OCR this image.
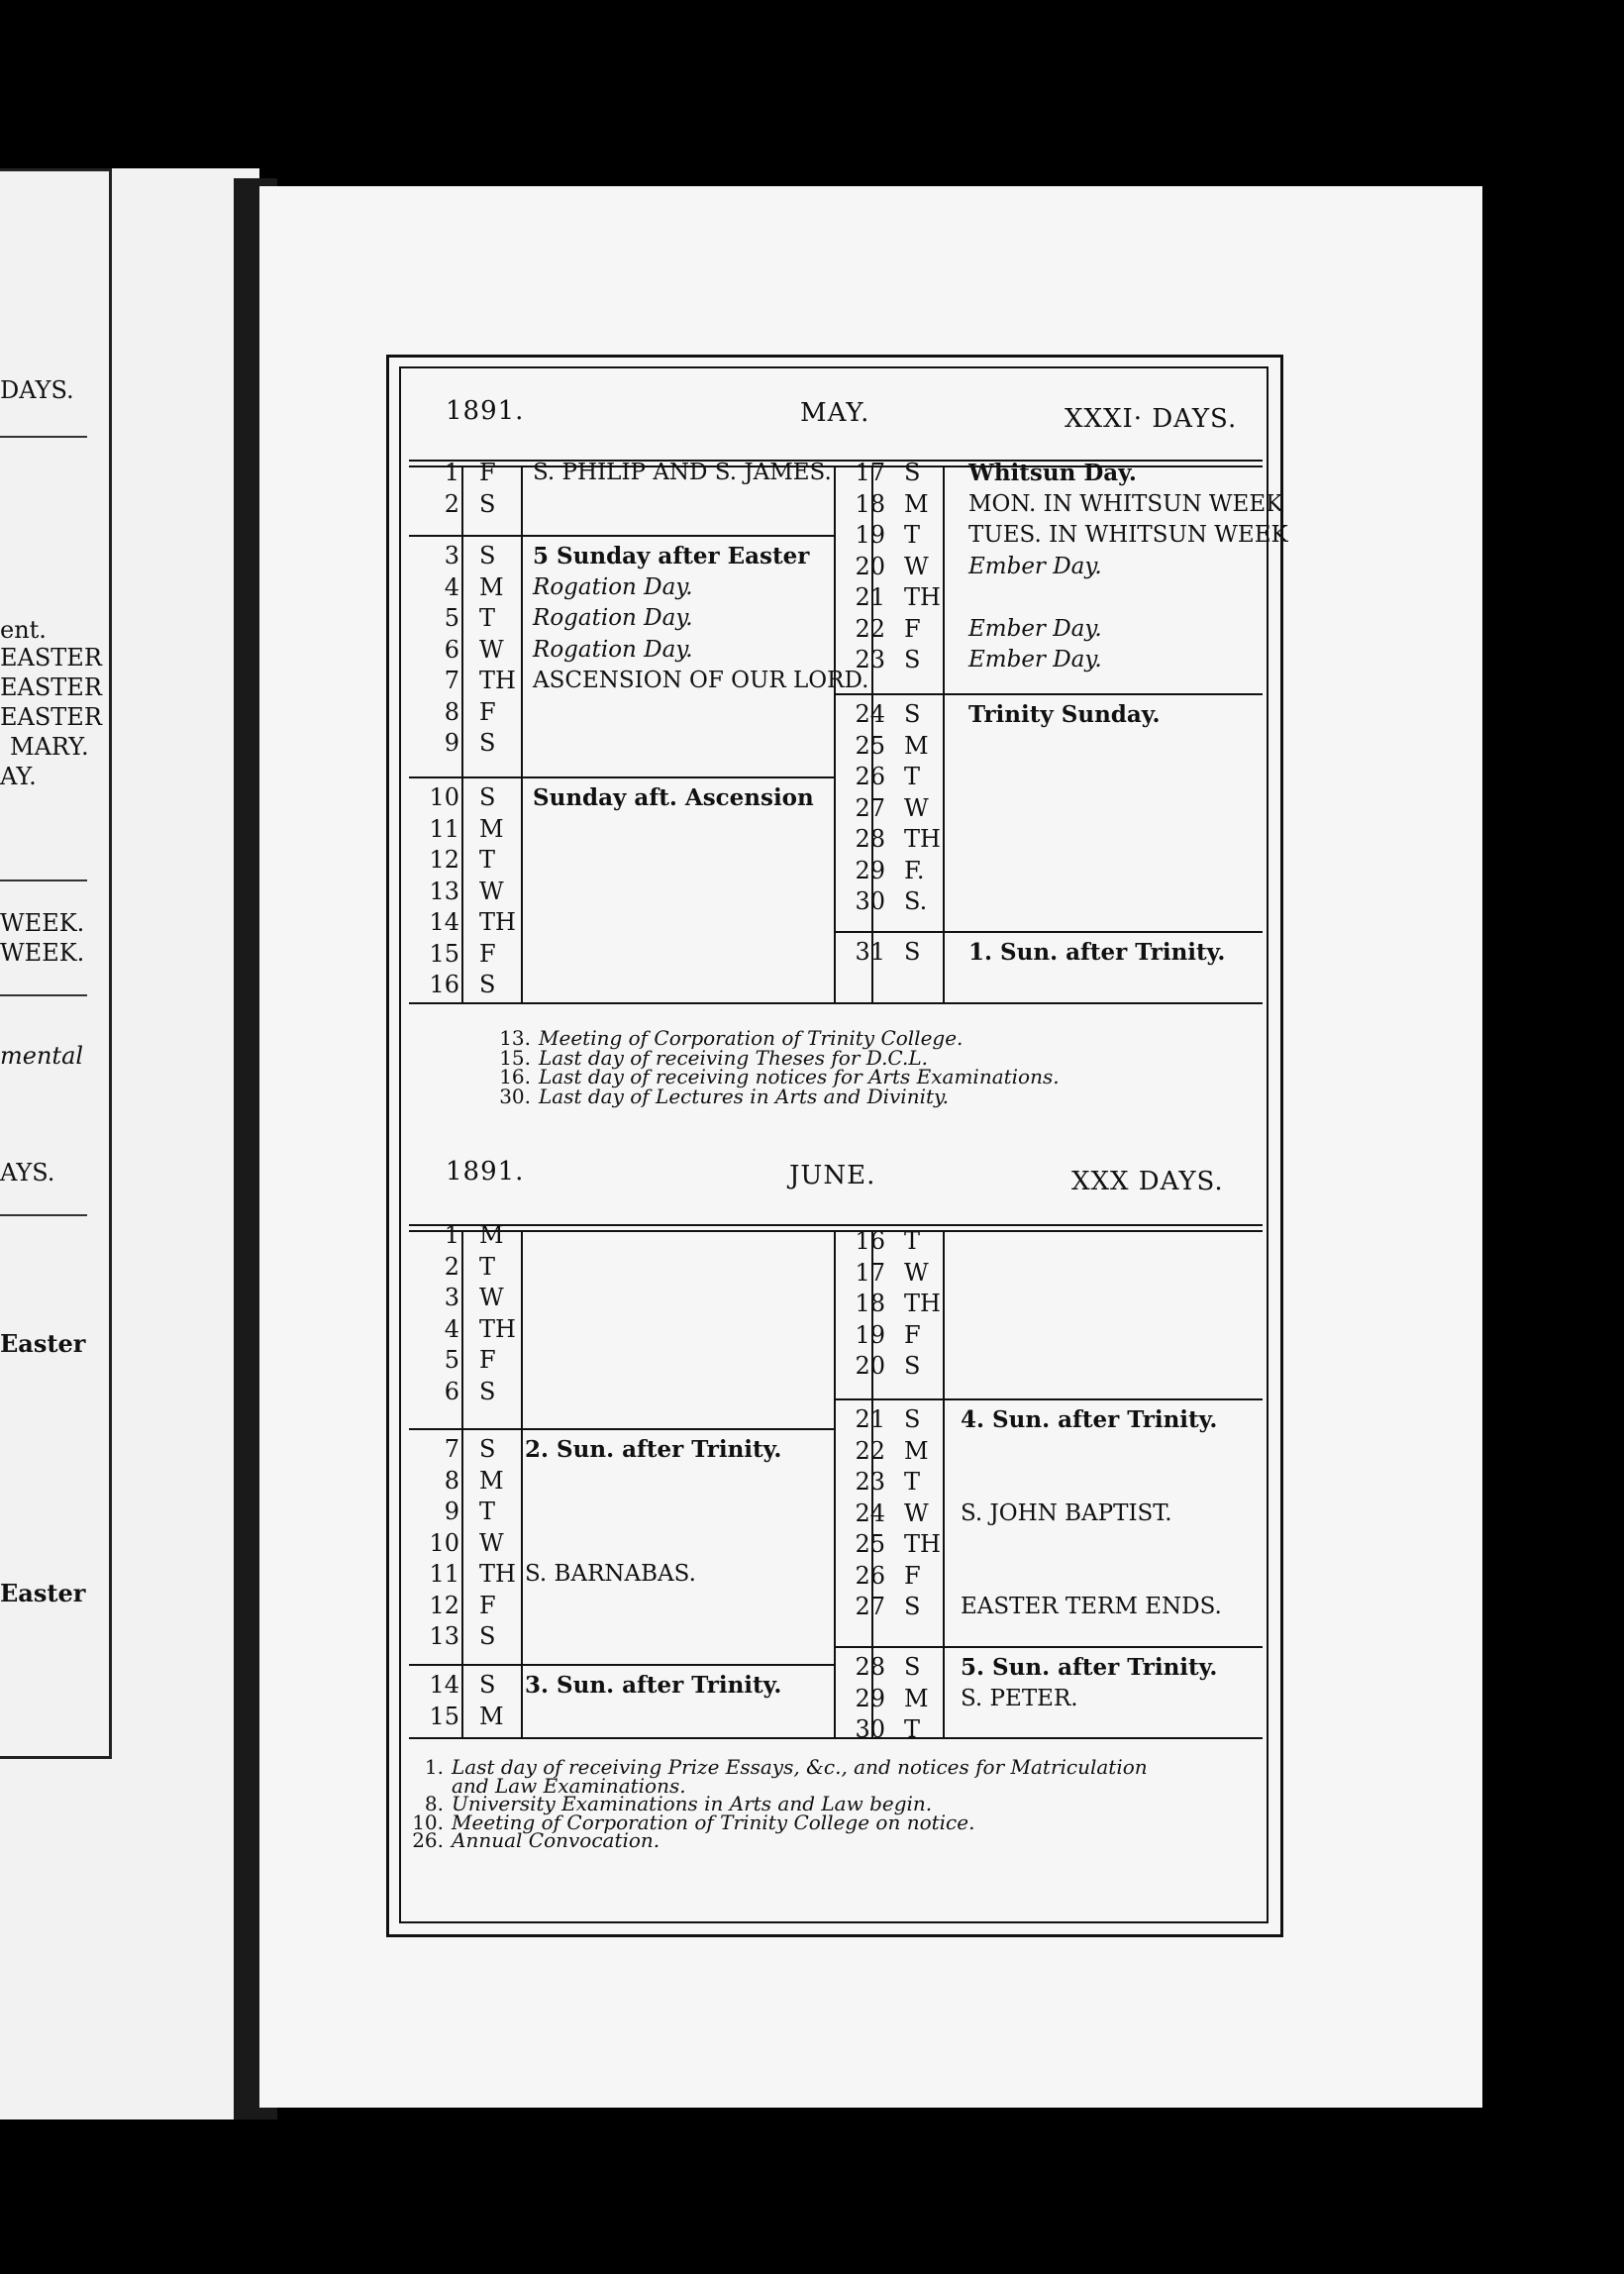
DAYS.
ent.
EASTER
EASTER
EASTER
MARY.
AY.
WEEK.
WEEK.
mental
AYS.
Easter
Easter
1891.	MAY.	XXXI· DAYS.
1891.	JUNE.	XXX DAYS.
1 F	S. PHILIP AND S. JAMES.
2 S
3 S	5 Sunday after Easter
4 M	Rogation Day.
5 T	Rogation Day.
6 W	Rogation Day.
7 TH ASCENSION OF OUR LORD.
8 F
9 S
10 S	Sunday aft. Ascension
11 M
12 T
13 W
14 TH
15 F
16 S
17 S	Whitsun Day.
18 M	MON. IN WHITSUN WEEK
19 T	TUES. IN WHITSUN WEEK
20 W	Ember Day.
21 TH
22 F	Ember Day.
23 S	Ember Day.
24 S	Trinity Sunday.
25 M
26 T
27 W
28 TH
29 F.
30 S.
31 S	1. Sun. after Trinity.
1 M
2 T
3 W
4 TH
5 F
6 S
7 S	2. Sun. after Trinity.
8 M
9 T
10 W
11 TH S. BARNABAS.
12 F
13 S
14 S	3. Sun. after Trinity.
15 M
16 T
17 W
18 TH
19 F
20 S
21 S	4. Sun. after Trinity.
22 M
23 T
24 W	S. JOHN BAPTIST.
25 TH
26 F
27 S	EASTER TERM ENDS.
28 S	5. Sun. after Trinity.
29 M	S. PETER.
30 T
13. Meeting of Corporation of Trinity College.
15. Last day of receiving Theses for D.C.L.
16. Last day of receiving notices for Arts Examinations.
30. Last day of Lectures in Arts and Divinity.
1. Last day of receiving Prize Essays, &c., and notices for Matriculation
and Law Examinations.
8. University Examinations in Arts and Law begin.
10. Meeting of Corporation of Trinity College on notice.
26. Annual Convocation.
